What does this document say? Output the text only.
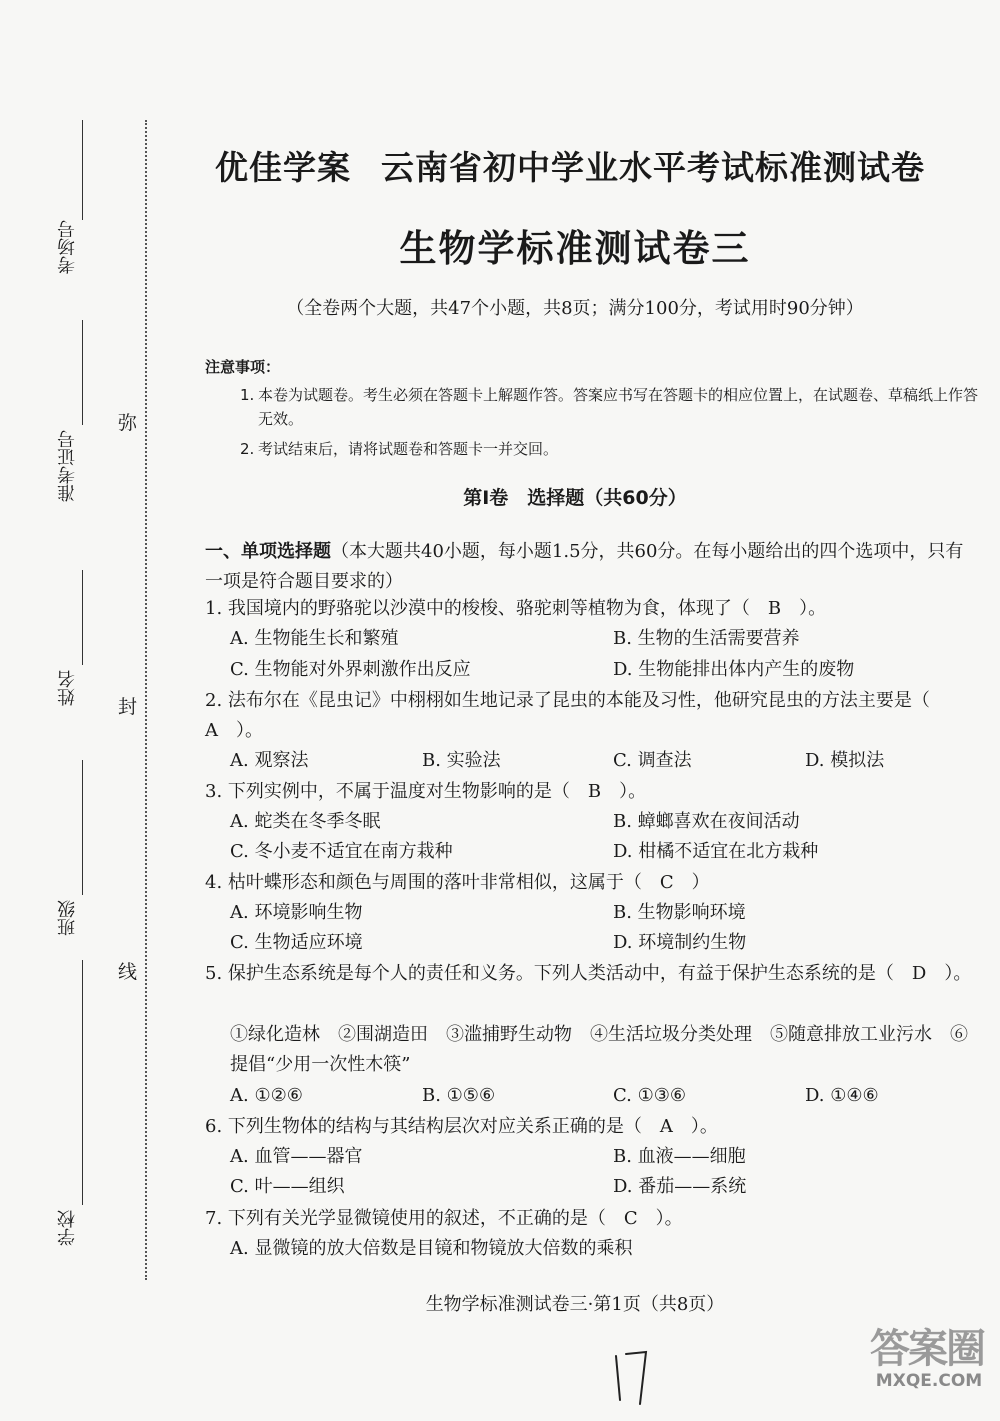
考场号
准考证号
姓名
班级
学校
弥
封
线
优佳学案 云南省初中学业水平考试标准测试卷
生物学标准测试卷三
（全卷两个大题，共47个小题，共8页；满分100分，考试用时90分钟）
注意事项：
1. 本卷为试题卷。考生必须在答题卡上解题作答。答案应书写在答题卡的相应位置上，在试题卷、草稿纸上作答无效。
2. 考试结束后，请将试题卷和答题卡一并交回。
第Ⅰ卷　选择题（共60分）
一、单项选择题（本大题共40小题，每小题1.5分，共60分。在每小题给出的四个选项中，只有一项是符合题目要求的）
1. 我国境内的野骆驼以沙漠中的梭梭、骆驼刺等植物为食，体现了（　B　）。
A. 生物能生长和繁殖	B. 生物的生活需要营养
C. 生物能对外界刺激作出反应	D. 生物能排出体内产生的废物
2. 法布尔在《昆虫记》中栩栩如生地记录了昆虫的本能及习性，他研究昆虫的方法主要是（　A　）。
A. 观察法	B. 实验法	C. 调查法	D. 模拟法
3. 下列实例中，不属于温度对生物影响的是（　B　）。
A. 蛇类在冬季冬眠	B. 蟑螂喜欢在夜间活动
C. 冬小麦不适宜在南方栽种	D. 柑橘不适宜在北方栽种
4. 枯叶蝶形态和颜色与周围的落叶非常相似，这属于（　C　）
A. 环境影响生物	B. 生物影响环境
C. 生物适应环境	D. 环境制约生物
5. 保护生态系统是每个人的责任和义务。下列人类活动中，有益于保护生态系统的是（　D　）。
①绿化造林　②围湖造田　③滥捕野生动物　④生活垃圾分类处理　⑤随意排放工业污水　⑥提倡“少用一次性木筷”
A. ①②⑥	B. ①⑤⑥	C. ①③⑥	D. ①④⑥
6. 下列生物体的结构与其结构层次对应关系正确的是（　A　）。
A. 血管——器官	B. 血液——细胞
C. 叶——组织	D. 番茄——系统
7. 下列有关光学显微镜使用的叙述，不正确的是（　C　）。
A. 显微镜的放大倍数是目镜和物镜放大倍数的乘积
生物学标准测试卷三·第1页（共8页）
答案圈
MXQE.COM
